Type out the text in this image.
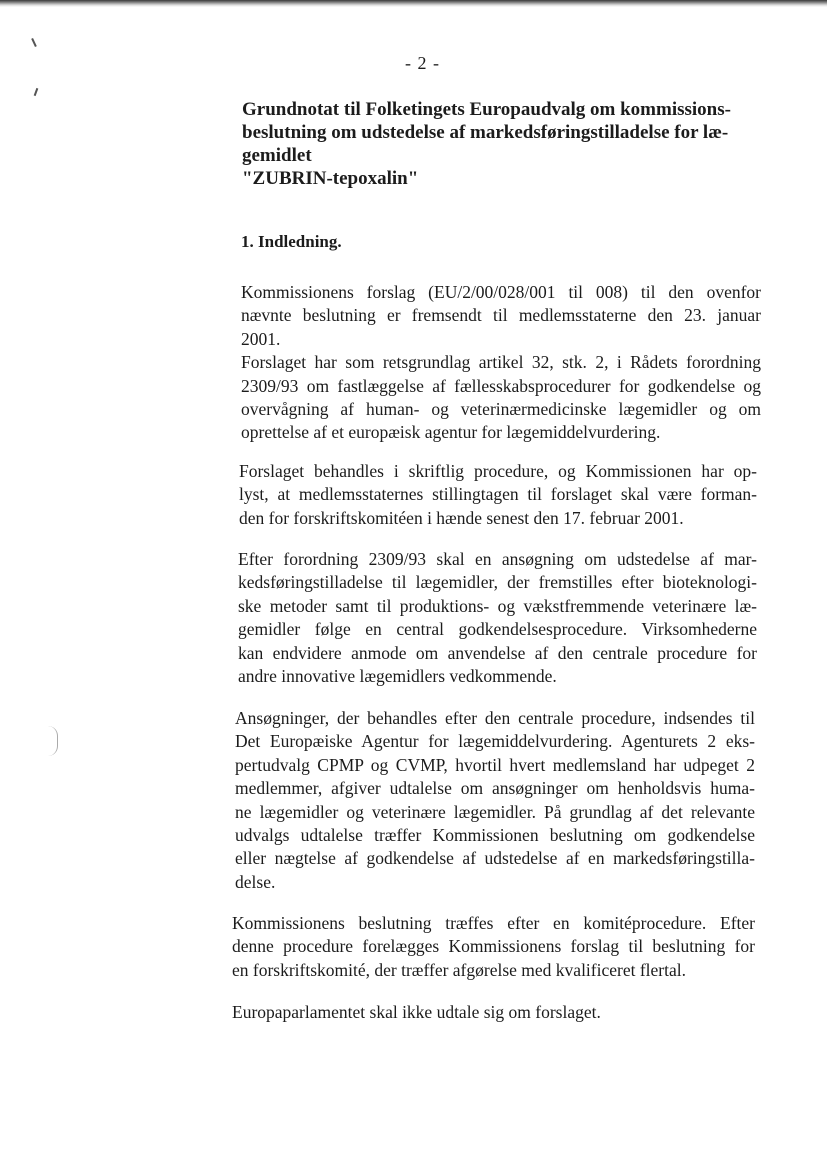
- 2 -
Grundnotat til Folketingets Europaudvalg om kommissions-
beslutning om udstedelse af markedsføringstilladelse for læ-
gemidlet
"ZUBRIN-tepoxalin"
1. Indledning.
Kommissionens forslag (EU/2/00/028/001 til 008) til den ovenfor
nævnte beslutning er fremsendt til medlemsstaterne den 23. januar
2001.
Forslaget har som retsgrundlag artikel 32, stk. 2, i Rådets forordning
2309/93 om fastlæggelse af fællesskabsprocedurer for godkendelse og
overvågning af human- og veterinærmedicinske lægemidler og om
oprettelse af et europæisk agentur for lægemiddelvurdering.
Forslaget behandles i skriftlig procedure, og Kommissionen har op-
lyst, at medlemsstaternes stillingtagen til forslaget skal være forman-
den for forskriftskomitéen i hænde senest den 17. februar 2001.
Efter forordning 2309/93 skal en ansøgning om udstedelse af mar-
kedsføringstilladelse til lægemidler, der fremstilles efter bioteknologi-
ske metoder samt til produktions- og vækstfremmende veterinære læ-
gemidler følge en central godkendelsesprocedure. Virksomhederne
kan endvidere anmode om anvendelse af den centrale procedure for
andre innovative lægemidlers vedkommende.
Ansøgninger, der behandles efter den centrale procedure, indsendes til
Det Europæiske Agentur for lægemiddelvurdering. Agenturets 2 eks-
pertudvalg CPMP og CVMP, hvortil hvert medlemsland har udpeget 2
medlemmer, afgiver udtalelse om ansøgninger om henholdsvis huma-
ne lægemidler og veterinære lægemidler. På grundlag af det relevante
udvalgs udtalelse træffer Kommissionen beslutning om godkendelse
eller nægtelse af godkendelse af udstedelse af en markedsføringstilla-
delse.
Kommissionens beslutning træffes efter en komitéprocedure. Efter
denne procedure forelægges Kommissionens forslag til beslutning for
en forskriftskomité, der træffer afgørelse med kvalificeret flertal.
Europaparlamentet skal ikke udtale sig om forslaget.
